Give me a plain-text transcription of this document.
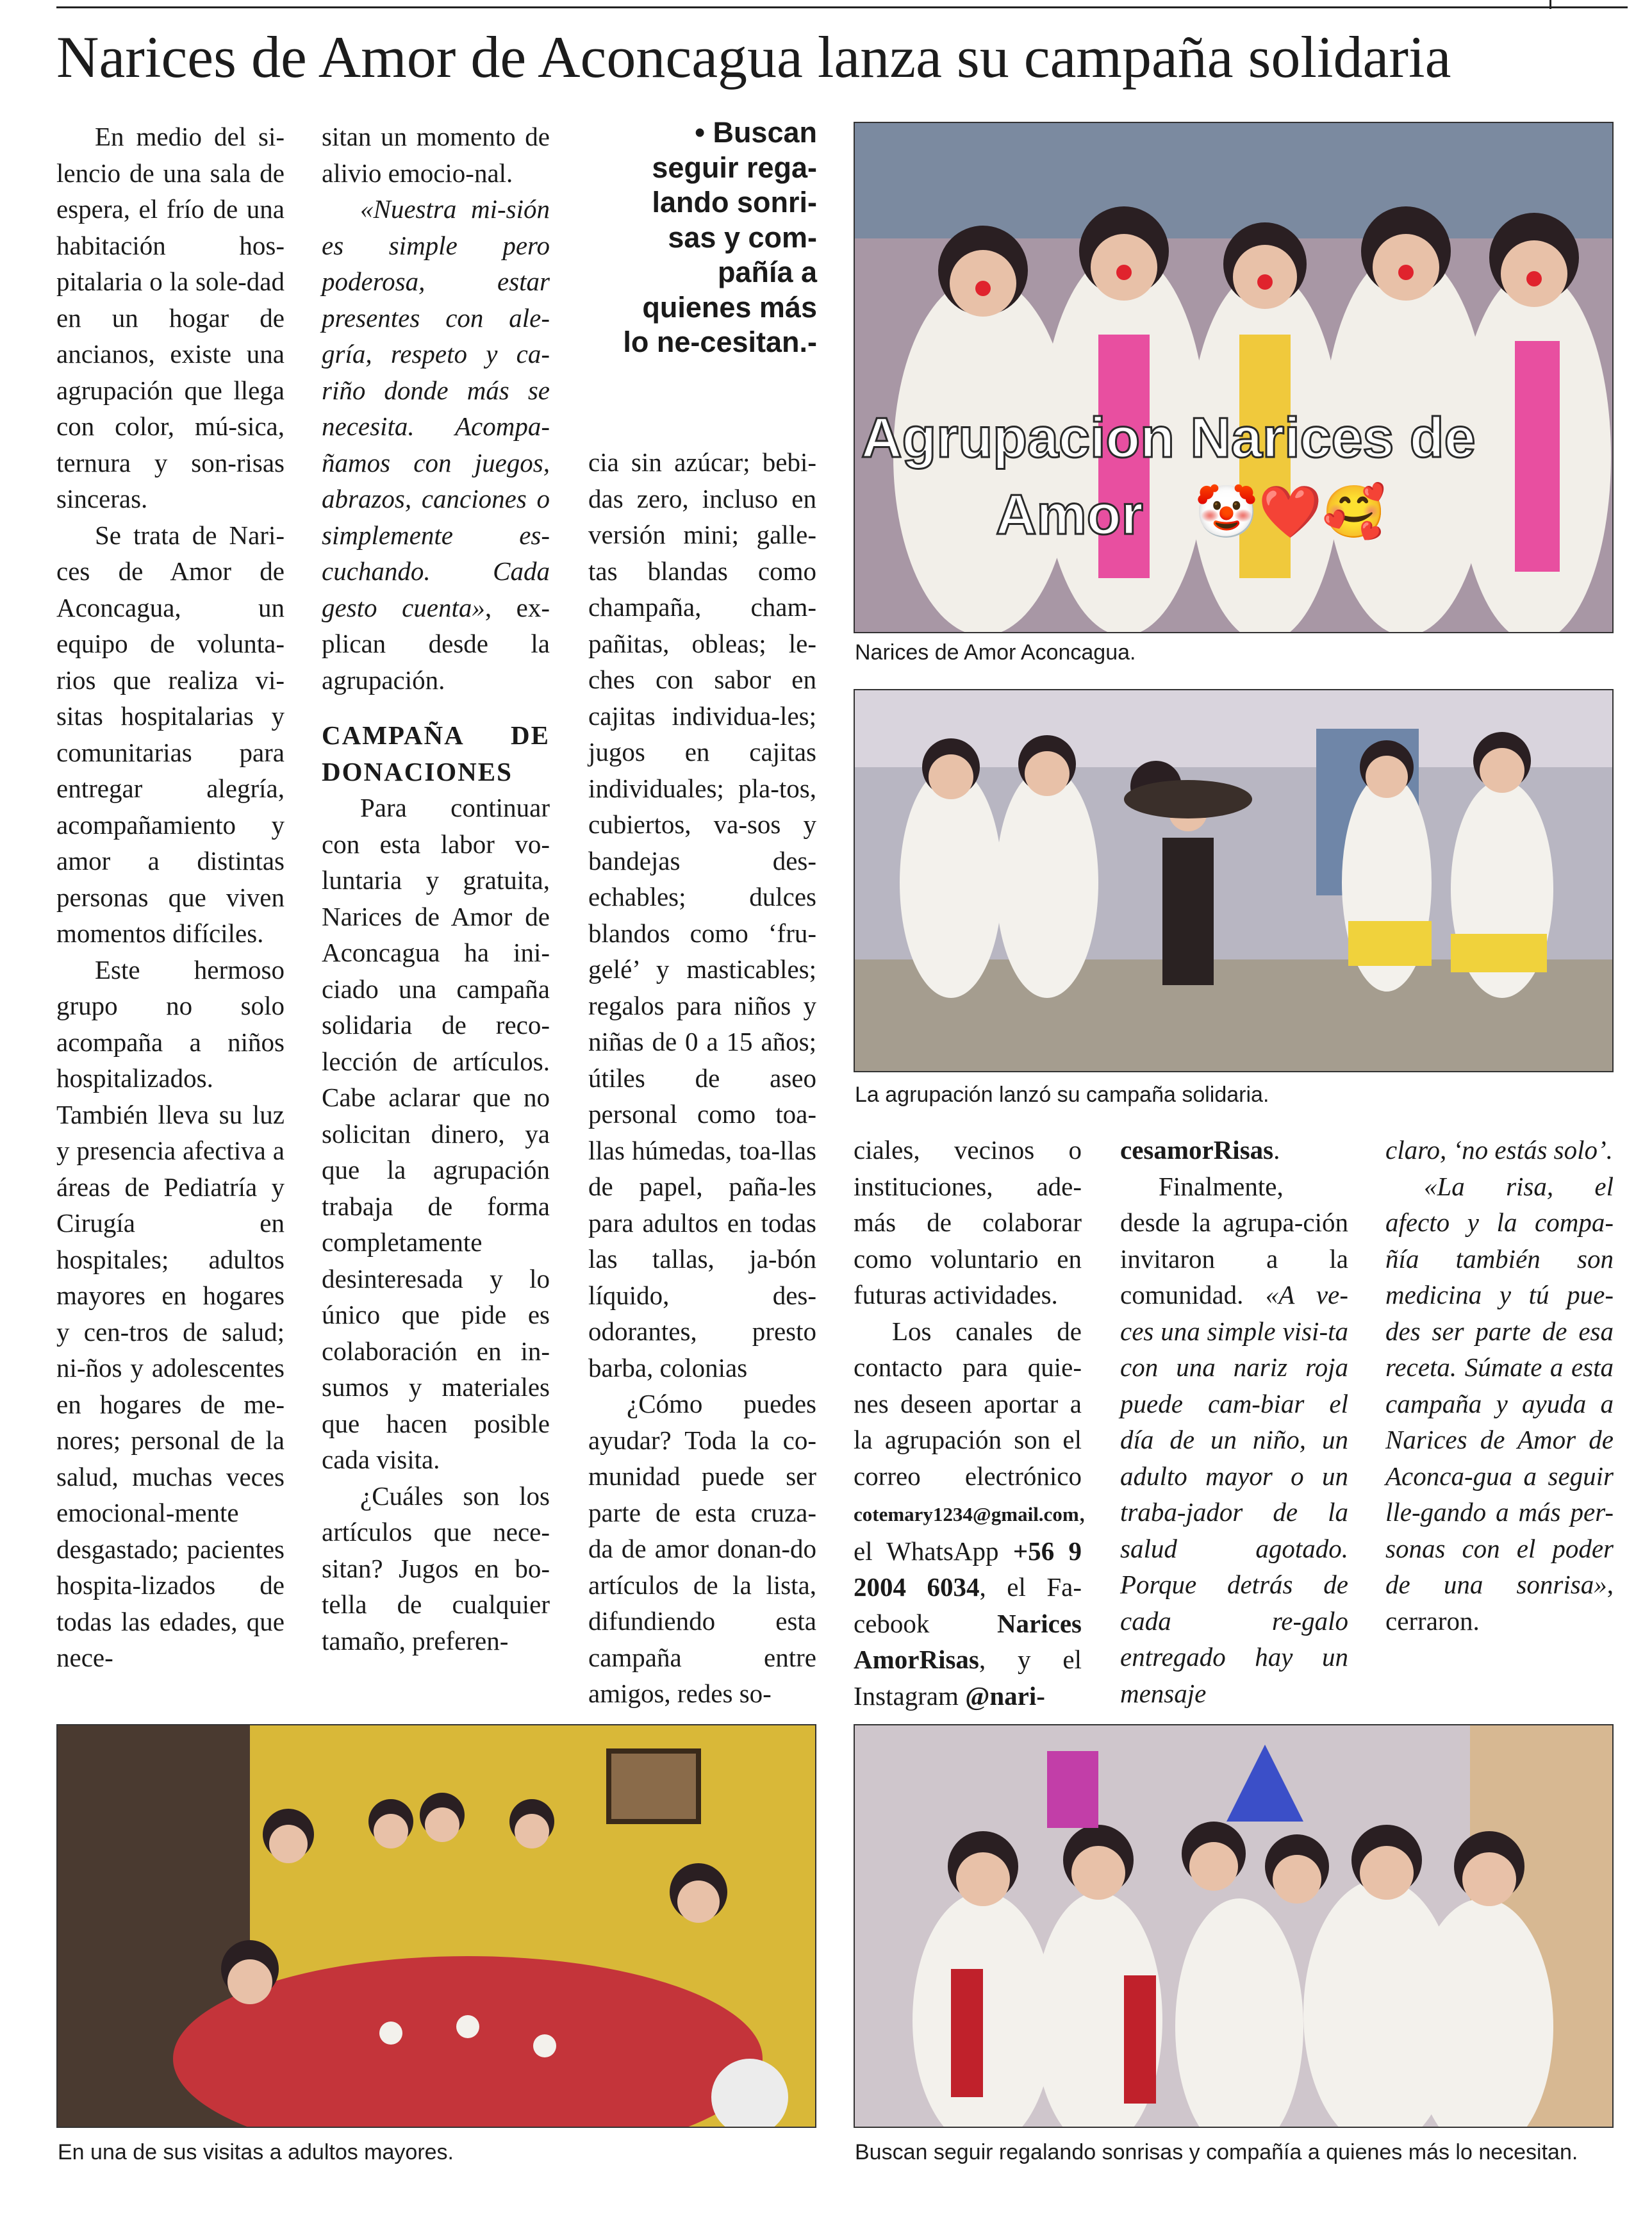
Narices de Amor de Aconcagua lanza su campaña solidaria

En medio del si-lencio de una sala de espera, el frío de una habitación hos-pitalaria o la sole-dad en un hogar de ancianos, existe una agrupación que llega con color, mú-sica, ternura y son-risas sinceras.

Se trata de Nari-ces de Amor de Aconcagua, un equipo de volunta-rios que realiza vi-sitas hospitalarias y comunitarias para entregar alegría, acompañamiento y amor a distintas personas que viven momentos difíciles.

Este hermoso grupo no solo acompaña a niños hospitalizados. También lleva su luz y presencia afectiva a áreas de Pediatría y Cirugía en hospitales; adultos mayores en hogares y cen-tros de salud; ni-ños y adolescentes en hogares de me-nores; personal de la salud, muchas veces emocional-mente desgastado; pacientes hospita-lizados de todas las edades, que nece-

sitan un momento de alivio emocio-nal.

«Nuestra mi-sión es simple pero poderosa, estar presentes con ale-gría, respeto y ca-riño donde más se necesita. Acompa-ñamos con juegos, abrazos, canciones o simplemente es-cuchando. Cada gesto cuenta», ex-plican desde la agrupación.

CAMPAÑA DE DONACIONES

Para continuar con esta labor vo-luntaria y gratuita, Narices de Amor de Aconcagua ha ini-ciado una campaña solidaria de reco-lección de artículos. Cabe aclarar que no solicitan dinero, ya que la agrupación trabaja de forma completamente desinteresada y lo único que pide es colaboración en in-sumos y materiales que hacen posible cada visita.

¿Cuáles son los artículos que nece-sitan? Jugos en bo-tella de cualquier tamaño, preferen-

• Buscan seguir rega-lando sonri-sas y com-pañía a quienes más lo ne-cesitan.-

cia sin azúcar; bebi-das zero, incluso en versión mini; galle-tas blandas como champaña, cham-pañitas, obleas; le-ches con sabor en cajitas individua-les; jugos en cajitas individuales; pla-tos, cubiertos, va-sos y bandejas des-echables; dulces blandos como ‘fru-gelé’ y masticables; regalos para niños y niñas de 0 a 15 años; útiles de aseo personal como toa-llas húmedas, toa-llas de papel, paña-les para adultos en todas las tallas, ja-bón líquido, des-odorantes, presto barba, colonias

¿Cómo puedes ayudar? Toda la co-munidad puede ser parte de esta cruza-da de amor donan-do artículos de la lista, difundiendo esta campaña entre amigos, redes so-

ciales, vecinos o instituciones, ade-más de colaborar como voluntario en futuras actividades.

Los canales de contacto para quie-nes deseen aportar a la agrupación son el correo electrónico cotemary1234@gmail.com, el WhatsApp +56 9 2004 6034, el Fa-cebook Narices AmorRisas, y el Instagram @nari-

cesamorRisas.

Finalmente, desde la agrupa-ción invitaron a la comunidad. «A ve-ces una simple visi-ta con una nariz roja puede cam-biar el día de un niño, un adulto mayor o un traba-jador de la salud agotado. Porque detrás de cada re-galo entregado hay un mensaje

claro, ‘no estás solo’.

«La risa, el afecto y la compa-ñía también son medicina y tú pue-des ser parte de esa receta. Súmate a esta campaña y ayuda a Narices de Amor de Aconca-gua a seguir lle-gando a más per-sonas con el poder de una sonrisa», cerraron.

Agrupacion Narices de
Amor 🤡❤️🥰
Narices de Amor Aconcagua.
La agrupación lanzó su campaña solidaria.
En una de sus visitas a adultos mayores.	Buscan seguir regalando sonrisas y compañía a quienes más lo necesitan.
